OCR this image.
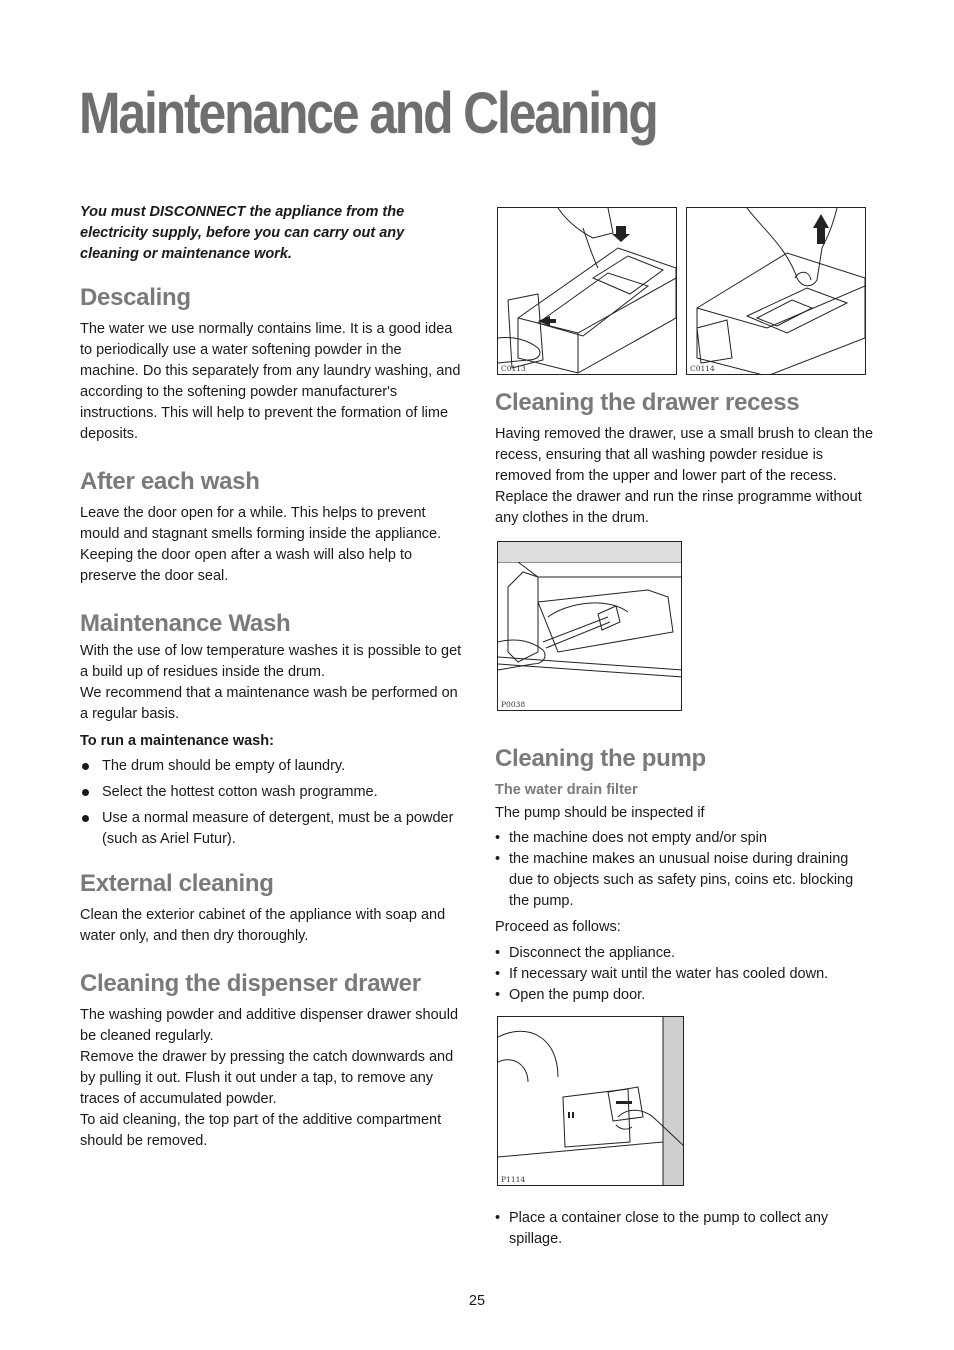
Maintenance and Cleaning

You must DISCONNECT the appliance from the electricity supply, before you can carry out any cleaning or maintenance work.

Descaling

The water we use normally contains lime. It is a good idea to periodically use a water softening powder in the machine. Do this separately from any laundry washing, and according to the softening powder manufacturer's instructions. This will help to prevent the formation of lime deposits.

After each wash

Leave the door open for a while. This helps to prevent mould and stagnant smells forming inside the appliance. Keeping the door open after a wash will also help to preserve the door seal.

Maintenance Wash

With the use of low temperature washes it is possible to get a build up of residues inside the drum.

We recommend that a maintenance wash be performed on a regular basis.

To run a maintenance wash:

The drum should be empty of laundry.
Select the hottest cotton wash programme.
Use a normal measure of detergent, must be a powder (such as Ariel Futur).
External cleaning

Clean the exterior cabinet of the appliance with soap and water only, and then dry thoroughly.

Cleaning the dispenser drawer

The washing powder and additive dispenser drawer should be cleaned regularly.

Remove the drawer by pressing the catch downwards and by pulling it out. Flush it out under a tap, to remove any traces of accumulated powder.

To aid cleaning, the top part of the additive compartment should be removed.

C0113	C0114
Cleaning the drawer recess

Having removed the drawer, use a small brush to clean the recess, ensuring that all washing powder residue is removed from the upper and lower part of the recess. Replace the drawer and run the rinse programme without any clothes in the drum.

P0038
Cleaning the pump

The water drain filter

The pump should be inspected if

• the machine does not empty and/or spin
• the machine makes an unusual noise during draining due to objects such as safety pins, coins etc. blocking the pump.

Proceed as follows:

• Disconnect the appliance.
• If necessary wait until the water has cooled down.
• Open the pump door.
P1114
• Place a container close to the pump to collect any spillage.
25
